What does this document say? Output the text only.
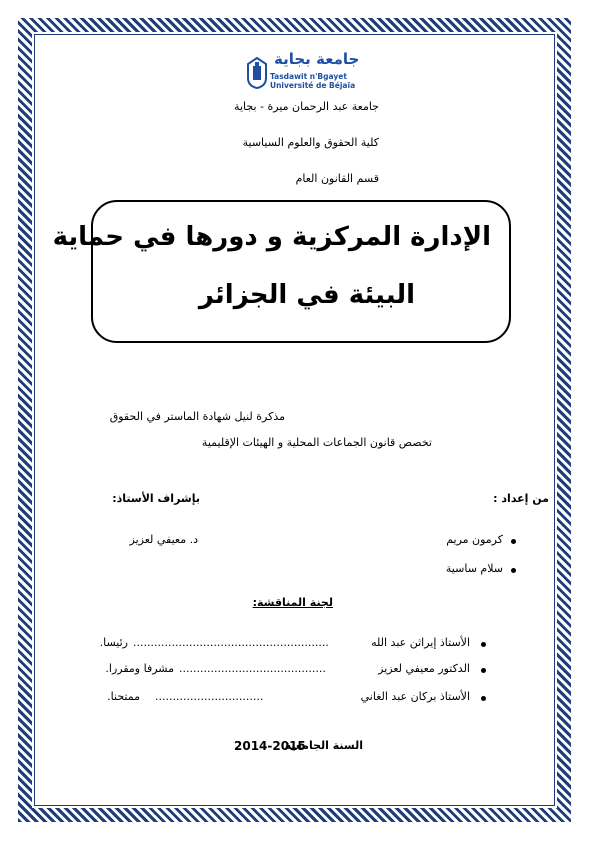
جامعة بجاية
Tasdawit n'Bgayet
Université de Béjaïa
جامعة عبد الرحمان ميرة - بجاية
كلية الحقوق والعلوم السياسية
قسم القانون العام
الإدارة المركزية و دورها في حماية
البيئة في الجزائر
مذكرة لنيل شهادة الماستر في الحقوق
تخصص قانون الجماعات المحلية و الهيئات الإقليمية
من إعداد :
بإشراف الأستاذ:
كرمون مريم
د. معيفي لعزيز
سلام ساسية
لجنة المناقشة:
الأستاذ إيراثن عبد الله
........................................................
رئيسا.
الدكتور معيفي لعزيز
..........................................
مشرفا ومقررا.
الأستاذ بركان عبد الغاني
...............................
ممتحنا.
السنة الجامعية
2014-2015
